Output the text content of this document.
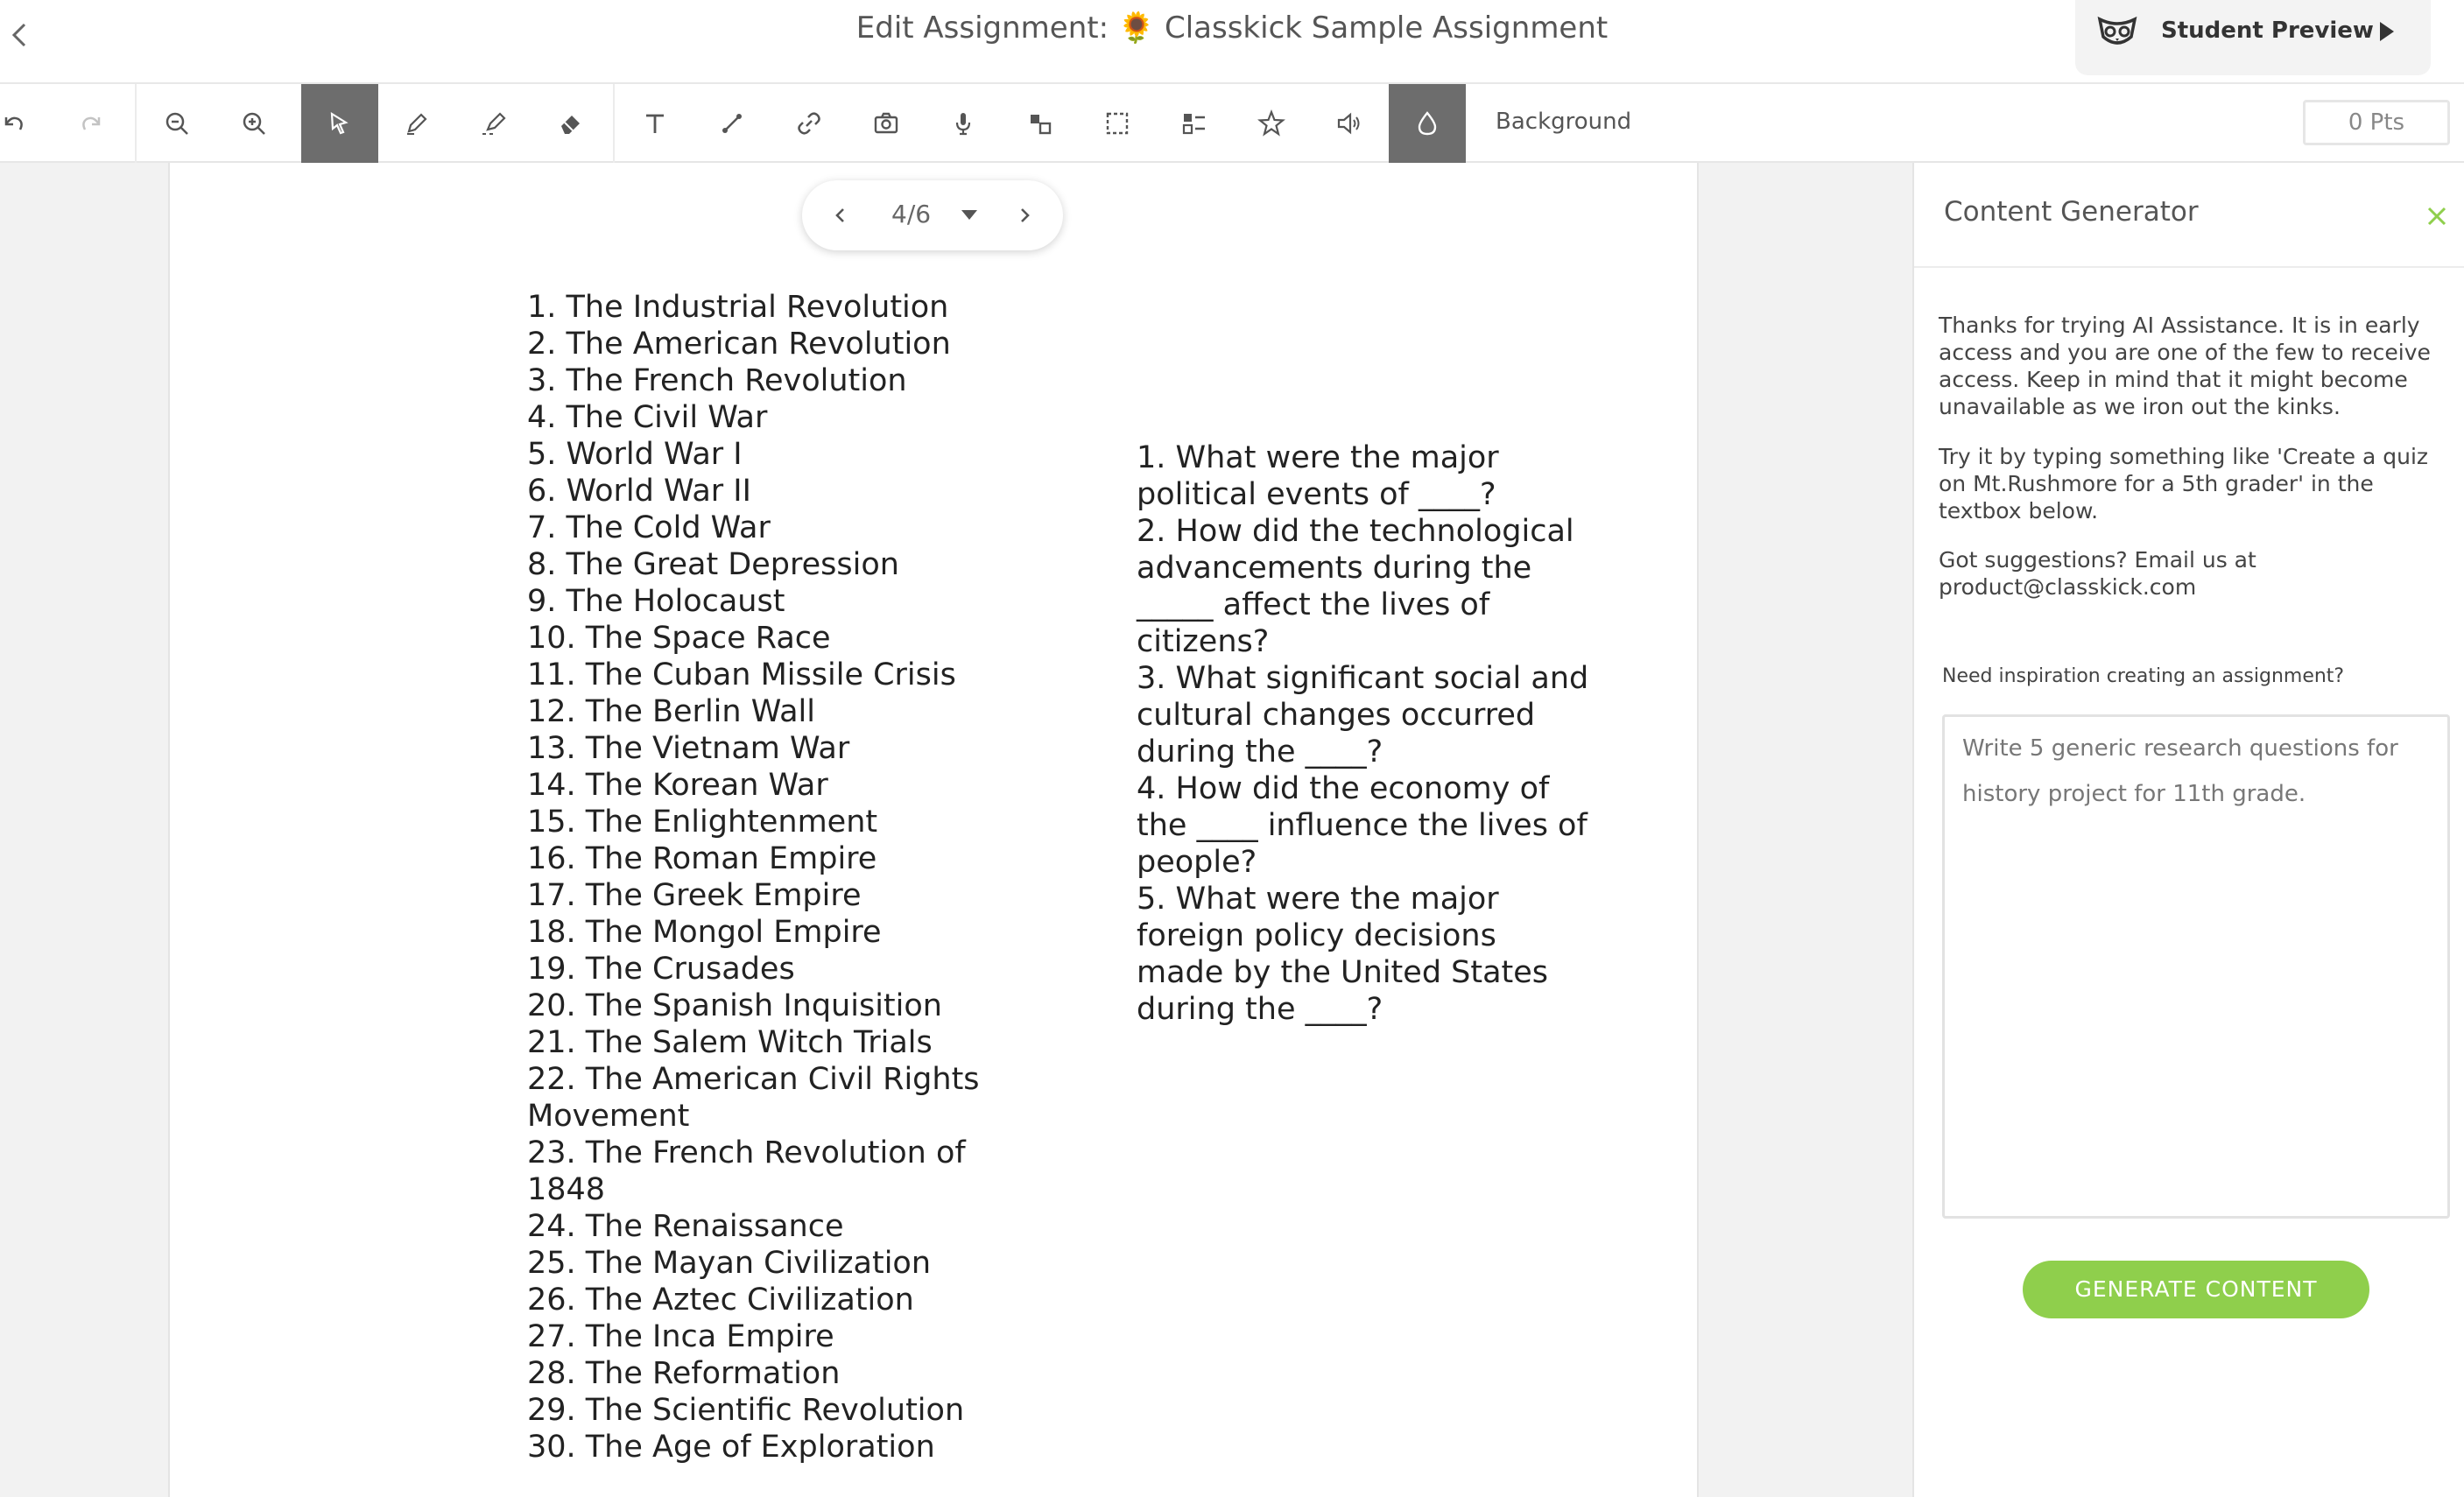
Edit Assignment: 🌻 Classkick Sample Assignment	Student Preview
Background	0 Pts
4/6
1. The Industrial Revolution
2. The American Revolution
3. The French Revolution
4. The Civil War
5. World War I
6. World War II
7. The Cold War
8. The Great Depression
9. The Holocaust
10. The Space Race
11. The Cuban Missile Crisis
12. The Berlin Wall
13. The Vietnam War
14. The Korean War
15. The Enlightenment
16. The Roman Empire
17. The Greek Empire
18. The Mongol Empire
19. The Crusades
20. The Spanish Inquisition
21. The Salem Witch Trials
22. The American Civil Rights Movement
23. The French Revolution of 1848
24. The Renaissance
25. The Mayan Civilization
26. The Aztec Civilization
27. The Inca Empire
28. The Reformation
29. The Scientific Revolution
30. The Age of Exploration
1. What were the major political events of ____?
2. How did the technological advancements during the _____ affect the lives of citizens?
3. What significant social and cultural changes occurred during the ____?
4. How did the economy of the ____ influence the lives of people?
5. What were the major foreign policy decisions made by the United States during the ____?
Content Generator

Thanks for trying AI Assistance. It is in early access and you are one of the few to receive access. Keep in mind that it might become unavailable as we iron out the kinks.

Try it by typing something like 'Create a quiz on Mt.Rushmore for a 5th grader' in the textbox below.

Got suggestions? Email us at product@classkick.com

Need inspiration creating an assignment?
Write 5 generic research questions for history project for 11th grade.
GENERATE CONTENT
